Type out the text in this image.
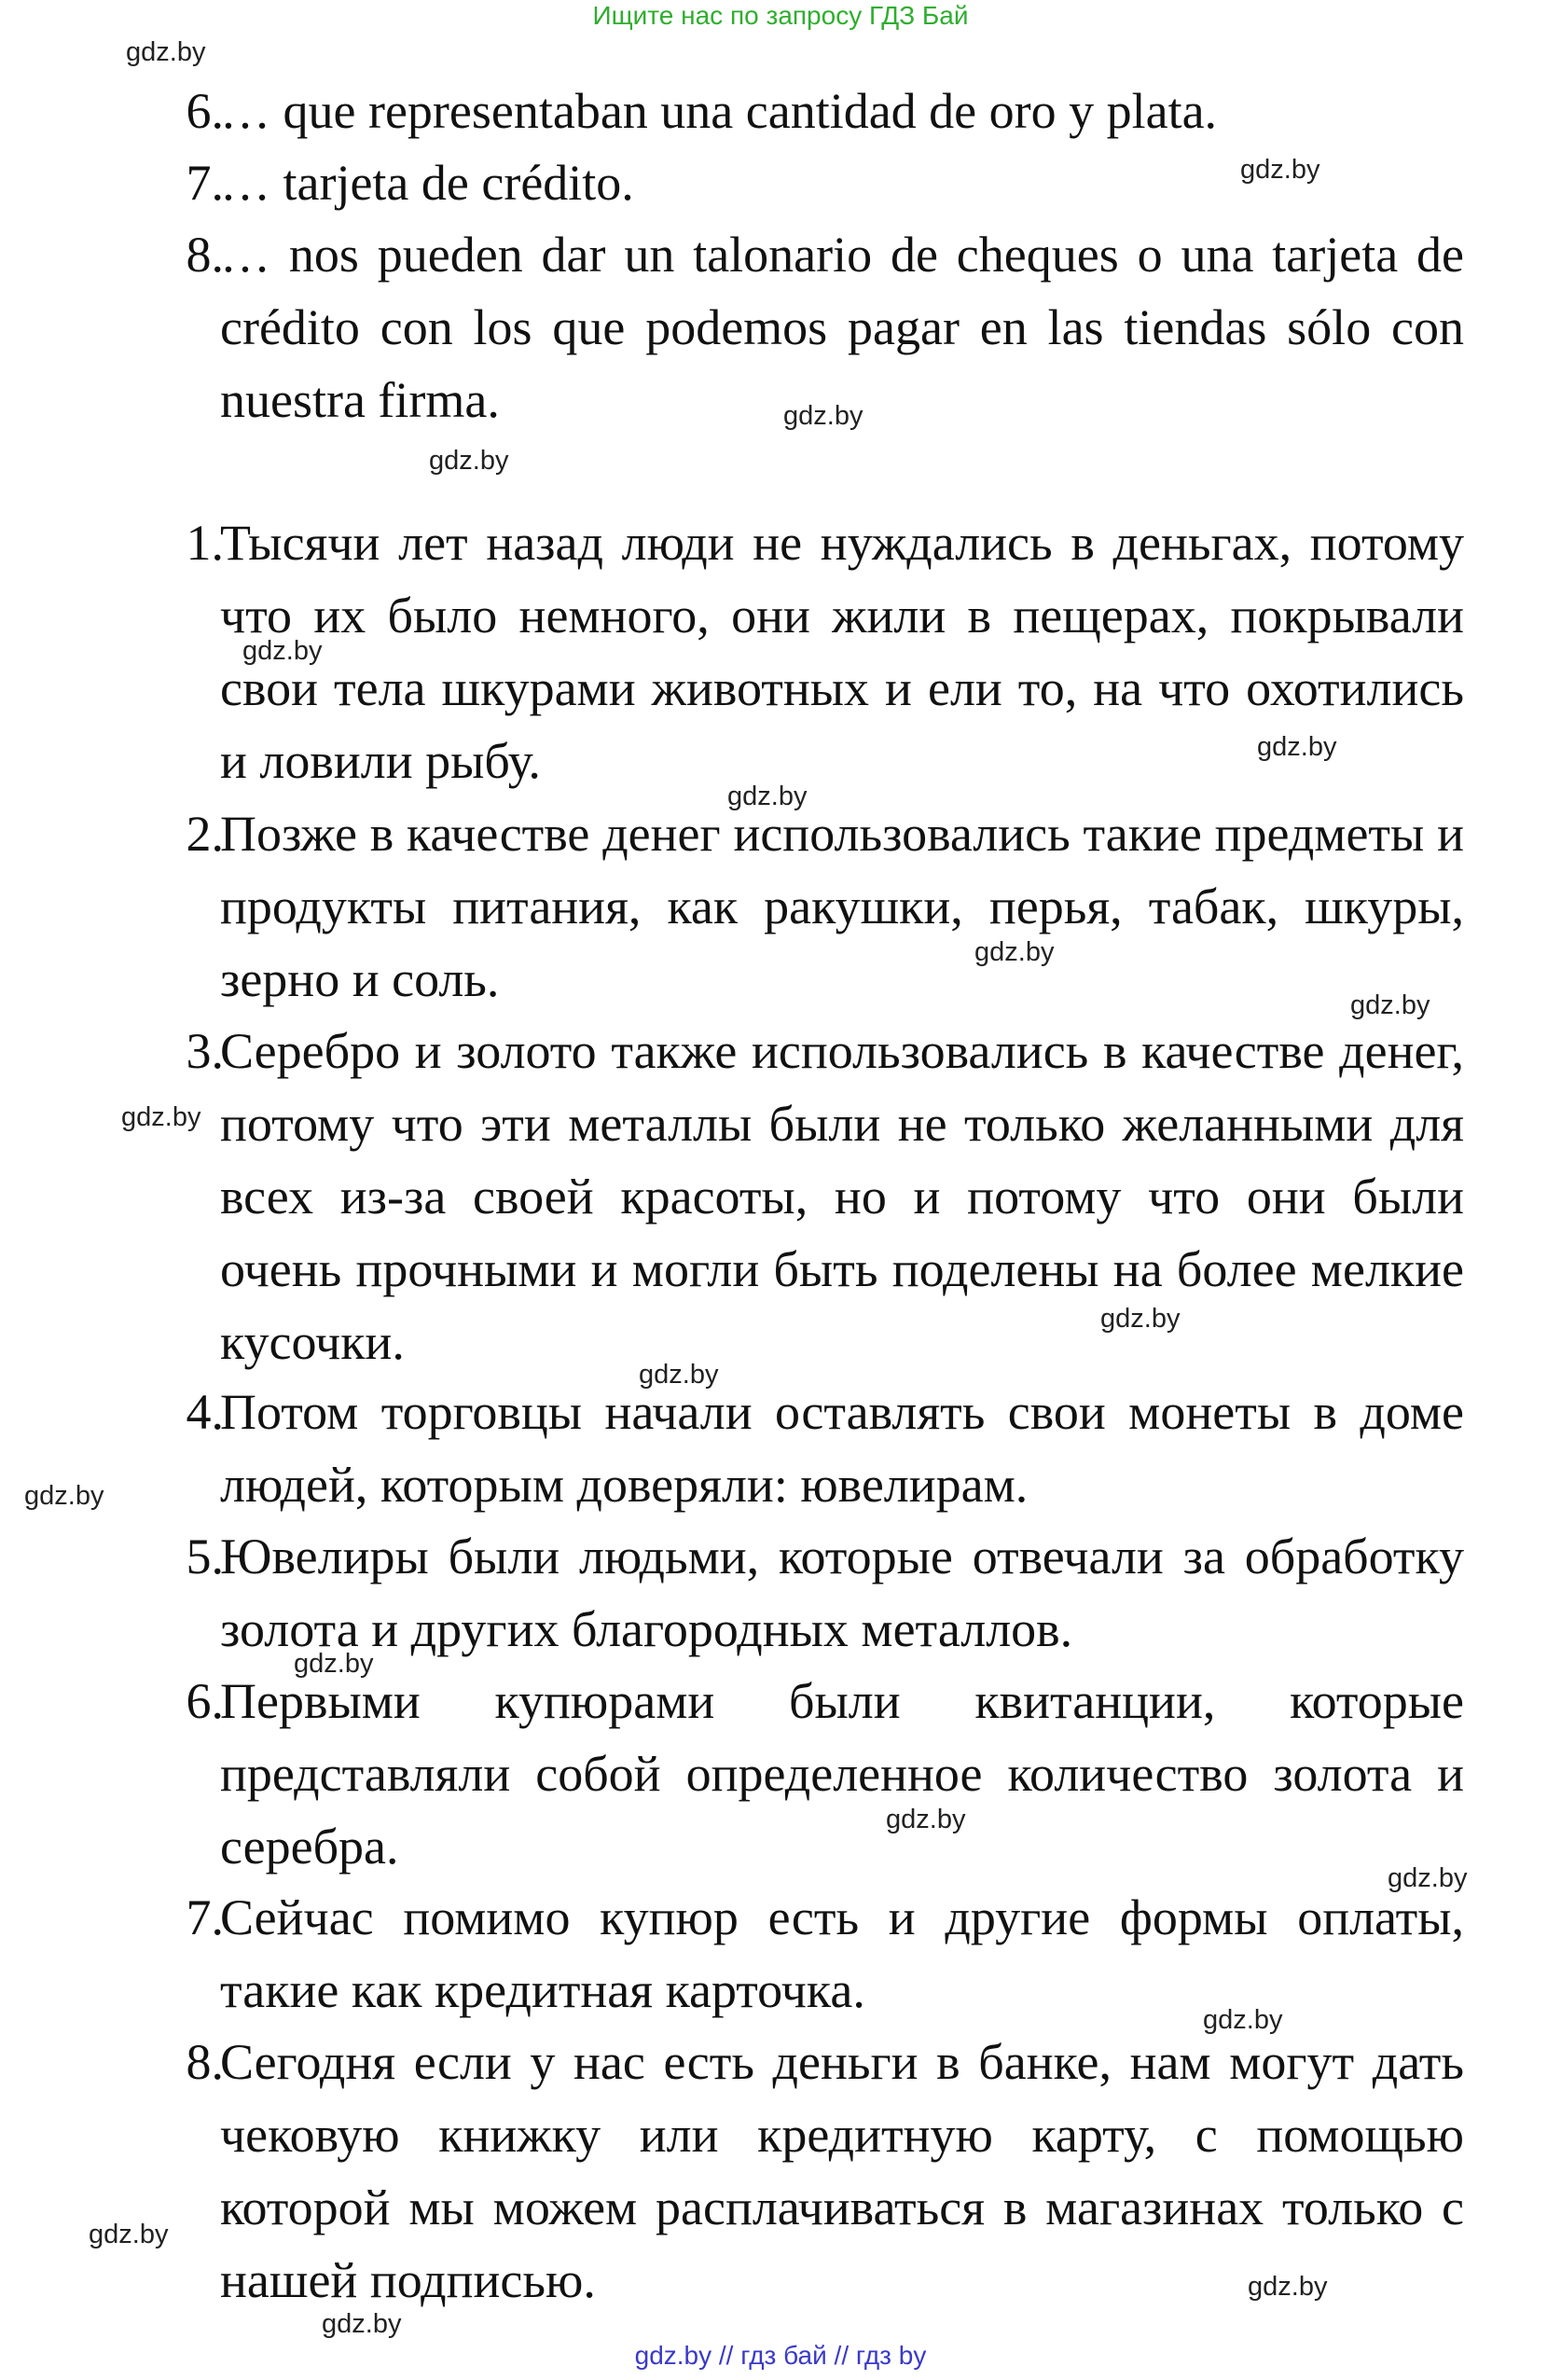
Ищите нас по запросу ГДЗ Бай
6.
… que representaban una cantidad de oro y plata.
7.
… tarjeta de crédito.
8.
… nos pueden dar un talonario de cheques o una tarjeta de crédito con los que podemos pagar en las tiendas sólo con nuestra firma.
1.
Тысячи лет назад люди не нуждались в деньгах, потому что их было немного, они жили в пещерах, покрывали свои тела шкурами животных и ели то, на что охотились и ловили рыбу.
2.
Позже в качестве денег использовались такие предметы и продукты питания, как ракушки, перья, табак, шкуры, зерно и соль.
3.
Серебро и золото также использовались в качестве денег, потому что эти металлы были не только желанными для всех из-за своей красоты, но и потому что они были очень прочными и могли быть поделены на более мелкие кусочки.
4.
Потом торговцы начали оставлять свои монеты в доме людей, которым доверяли: ювелирам.
5.
Ювелиры были людьми, которые отвечали за обработку золота и других благородных металлов.
6.
Первыми купюрами были квитанции, которые представляли собой определенное количество золота и серебра.
7.
Сейчас помимо купюр есть и другие формы оплаты, такие как кредитная карточка.
8.
Сегодня если у нас есть деньги в банке, нам могут дать чековую книжку или кредитную карту, с помощью которой мы можем расплачиваться в магазинах только с нашей подписью.
gdz.by
gdz.by
gdz.by
gdz.by
gdz.by
gdz.by
gdz.by
gdz.by
gdz.by
gdz.by
gdz.by
gdz.by
gdz.by
gdz.by
gdz.by
gdz.by
gdz.by
gdz.by
gdz.by
gdz.by
gdz.by // гдз бай // гдз by
